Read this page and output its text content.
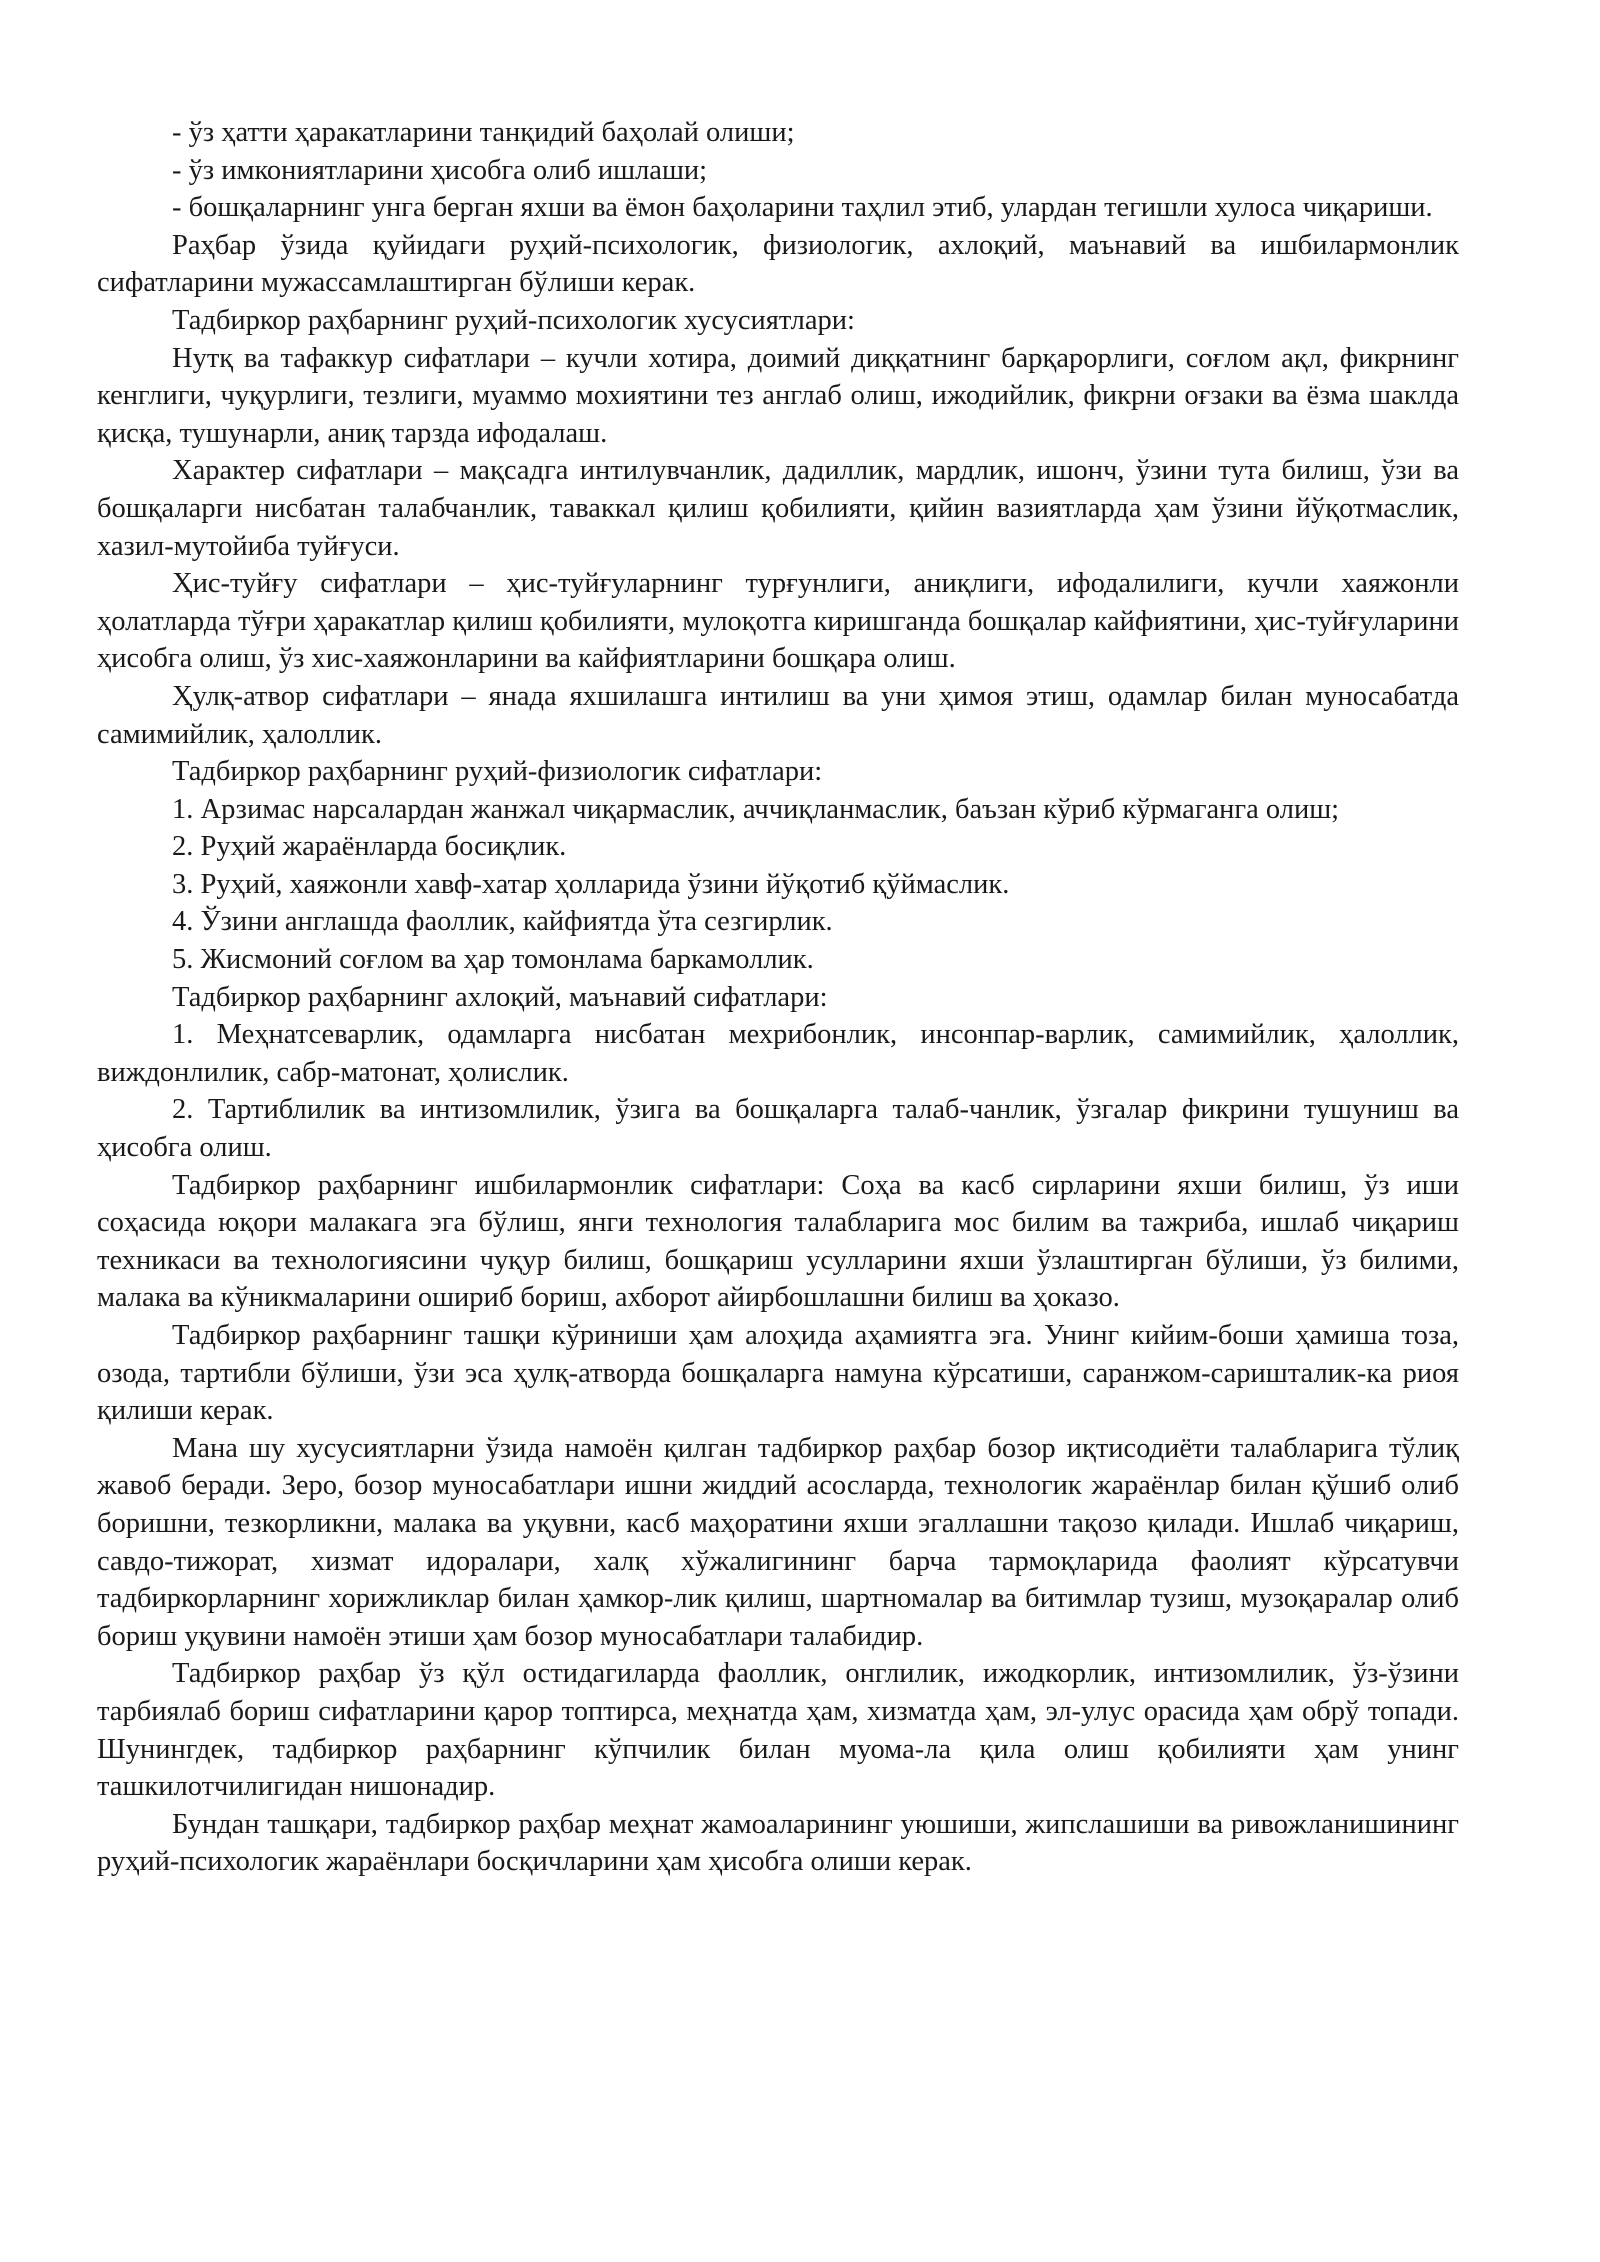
- ўз ҳатти ҳаракатларини танқидий баҳолай олиши;

- ўз имкониятларини ҳисобга олиб ишлаши;

- бошқаларнинг унга берган яхши ва ёмон баҳоларини таҳлил этиб, улардан тегишли хулоса чиқариши.

Раҳбар ўзида қуйидаги руҳий-психологик, физиологик, ахлоқий, маънавий ва ишбилармонлик сифатларини мужассамлаштирган бўлиши керак.

Тадбиркор раҳбарнинг руҳий-психологик хусусиятлари:

Нутқ ва тафаккур сифатлари – кучли хотира, доимий диққатнинг барқарорлиги, соғлом ақл, фикрнинг кенглиги, чуқурлиги, тезлиги, муаммо мохиятини тез англаб олиш, ижодийлик, фикрни оғзаки ва ёзма шаклда қисқа, тушунарли, аниқ тарзда ифодалаш.

Характер сифатлари – мақсадга интилувчанлик, дадиллик, мардлик, ишонч, ўзини тута билиш, ўзи ва бошқаларги нисбатан талабчанлик, таваккал қилиш қобилияти, қийин вазиятларда ҳам ўзини йўқотмаслик, хазил-мутойиба туйғуси.

Ҳис-туйғу сифатлари – ҳис-туйғуларнинг турғунлиги, аниқлиги, ифодалилиги, кучли хаяжонли ҳолатларда тўғри ҳаракатлар қилиш қобилияти, мулоқотга киришганда бошқалар кайфиятини, ҳис-туйғуларини ҳисобга олиш, ўз хис-хаяжонларини ва кайфиятларини бошқара олиш.

Ҳулқ-атвор сифатлари – янада яхшилашга интилиш ва уни ҳимоя этиш, одамлар билан муносабатда самимийлик, ҳалоллик.

Тадбиркор раҳбарнинг руҳий-физиологик сифатлари:

1. Арзимас нарсалардан жанжал чиқармаслик, аччиқланмаслик, баъзан кўриб кўрмаганга олиш;

2. Руҳий жараёнларда босиқлик.

3. Руҳий, хаяжонли хавф-хатар ҳолларида ўзини йўқотиб қўймаслик.

4. Ўзини англашда фаоллик, кайфиятда ўта сезгирлик.

5. Жисмоний соғлом ва ҳар томонлама баркамоллик.

Тадбиркор раҳбарнинг ахлоқий, маънавий сифатлари:

1. Меҳнатсеварлик, одамларга нисбатан мехрибонлик, инсонпар-варлик, самимийлик, ҳалоллик, виждонлилик, сабр-матонат, ҳолислик.

2. Тартиблилик ва интизомлилик, ўзига ва бошқаларга талаб-чанлик, ўзгалар фикрини тушуниш ва ҳисобга олиш.

Тадбиркор раҳбарнинг ишбилармонлик сифатлари: Соҳа ва касб сирларини яхши билиш, ўз иши соҳасида юқори малакага эга бўлиш, янги технология талабларига мос билим ва тажриба, ишлаб чиқариш техникаси ва технологиясини чуқур билиш, бошқариш усулларини яхши ўзлаштирган бўлиши, ўз билими, малака ва кўникмаларини ошириб бориш, ахборот айирбошлашни билиш ва ҳоказо.

Тадбиркор раҳбарнинг ташқи кўриниши ҳам алоҳида аҳамиятга эга. Унинг кийим-боши ҳамиша тоза, озода, тартибли бўлиши, ўзи эса ҳулқ-атворда бошқаларга намуна кўрсатиши, саранжом-саришталик-ка риоя қилиши керак.

Мана шу хусусиятларни ўзида намоён қилган тадбиркор раҳбар бозор иқтисодиёти талабларига тўлиқ жавоб беради. Зеро, бозор муносабатлари ишни жиддий асосларда, технологик жараёнлар билан қўшиб олиб боришни, тезкорликни, малака ва уқувни, касб маҳоратини яхши эгаллашни тақозо қилади. Ишлаб чиқариш, савдо-тижорат, хизмат идоралари, халқ хўжалигининг барча тармоқларида фаолият кўрсатувчи тадбиркорларнинг хорижликлар билан ҳамкор-лик қилиш, шартномалар ва битимлар тузиш, музоқаралар олиб бориш уқувини намоён этиши ҳам бозор муносабатлари талабидир.

Тадбиркор раҳбар ўз қўл остидагиларда фаоллик, онглилик, ижодкорлик, интизомлилик, ўз-ўзини тарбиялаб бориш сифатларини қарор топтирса, меҳнатда ҳам, хизматда ҳам, эл-улус орасида ҳам обрў топади. Шунингдек, тадбиркор раҳбарнинг кўпчилик билан муома-ла қила олиш қобилияти ҳам унинг ташкилотчилигидан нишонадир.

Бундан ташқари, тадбиркор раҳбар меҳнат жамоаларининг уюшиши, жипслашиши ва ривожланишининг руҳий-психологик жараёнлари босқичларини ҳам ҳисобга олиши керак.
